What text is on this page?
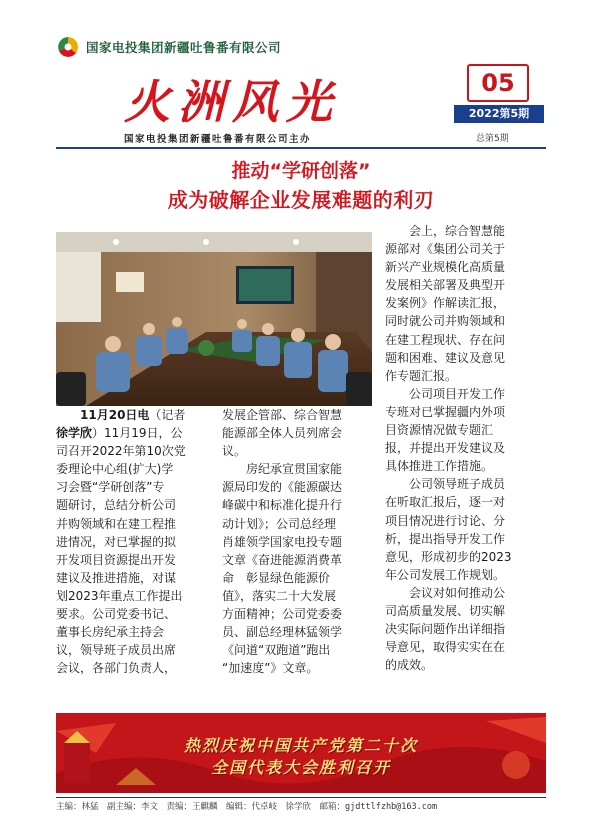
国家电投集团新疆吐鲁番有限公司
火洲风光	05
2022第5期
总第5期
国家电投集团新疆吐鲁番有限公司主办
推动“学研创落”
成为破解企业发展难题的利刃
　　11月20日电（记者
徐学欣）11月19日，公
司召开2022年第10次党
委理论中心组(扩大)学
习会暨“学研创落”专
题研讨，总结分析公司
并购领域和在建工程推
进情况，对已掌握的拟
开发项目资源提出开发
建议及推进措施，对谋
划2023年重点工作提出
要求。公司党委书记、
董事长房纪承主持会
议，领导班子成员出席
会议，各部门负责人，
发展企管部、综合智慧
能源部全体人员列席会
议。
　　房纪承宣贯国家能
源局印发的《能源碳达
峰碳中和标准化提升行
动计划》；公司总经理
肖雄领学国家电投专题
文章《奋进能源消费革
命　彰显绿色能源价
值》，落实二十大发展
方面精神；公司党委委
员、副总经理林猛领学
《问道“双跑道”跑出
“加速度”》文章。
　　会上，综合智慧能
源部对《集团公司关于
新兴产业规模化高质量
发展相关部署及典型开
发案例》作解读汇报，
同时就公司并购领域和
在建工程现状、存在问
题和困难、建议及意见
作专题汇报。
　　公司项目开发工作
专班对已掌握疆内外项
目资源情况做专题汇
报，并提出开发建议及
具体推进工作措施。
　　公司领导班子成员
在听取汇报后，逐一对
项目情况进行讨论、分
析，提出指导开发工作
意见，形成初步的2023
年公司发展工作规划。
　　会议对如何推动公
司高质量发展、切实解
决实际问题作出详细指
导意见，取得实实在在
的成效。
热烈庆祝中国共产党第二十次
全国代表大会胜利召开
主编：林猛　副主编：李文　责编：王麒麟　编辑：代卓岐　徐学欣　邮箱：gjdttlfzhb@163.com
